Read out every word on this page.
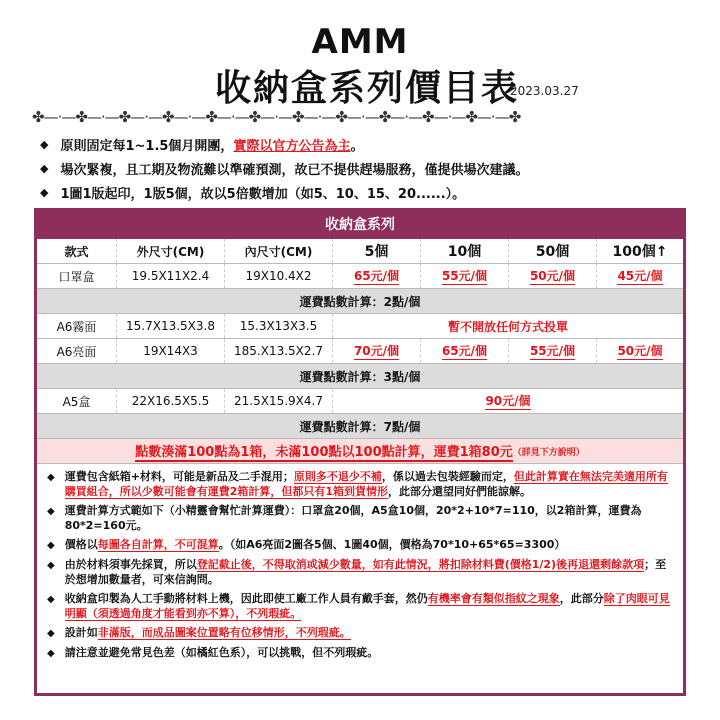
AMM
收納盒系列價目表
2023.03.27
✤—·—✤—·—✤—·—✤—·—✤—·—✤—·—✤—·—✤—·—✤—·—✤—·—✤—·—✤
◆ 原則固定每1~1.5個月開團， 實際以官方公告為主 。
◆ 場次緊複，且工期及物流難以準確預測，故已不提供趕場服務，僅提供場次建議。
◆ 1圖1版起印，1版5個，故以5倍數增加（如5、10、15、20......）。
收納盒系列
款式	外尺寸(CM)	內尺寸(CM)	5個	10個	50個	100個↑
口罩盒	19.5X11X2.4	19X10.4X2	65元/個	55元/個	50元/個	45元/個
運費點數計算：2點/個
A6霧面	15.7X13.5X3.8	15.3X13X3.5	暫不開放任何方式投單
A6亮面	19X14X3	185.X13.5X2.7	70元/個	65元/個	55元/個	50元/個
運費點數計算：3點/個
A5盒	22X16.5X5.5	21.5X15.9X4.7	90元/個
運費點數計算：7點/個
點數湊滿100點為1箱，未滿100點以100點計算，運費1箱80元 （詳見下方說明）
◆ 運費包含紙箱+材料，可能是新品及二手混用；原則多不退少不補，係以過去包裝經驗而定，但此計算實在無法完美適用所有購買組合，所以少數可能會有運費2箱計算，但都只有1箱到貨情形，此部分還望同好們能諒解。
◆ 運費計算方式範如下（小精靈會幫忙計算運費）：口罩盒20個，A5盒10個，20*2+10*7=110，以2箱計算，運費為80*2=160元。
◆ 價格以每圖各自計算，不可混算。（如A6亮面2圖各5個、1圖40個，價格為70*10+65*65=3300）
◆ 由於材料須事先採買，所以登記截止後，不得取消或減少數量，如有此情況，將扣除材料費(價格1/2)後再退還剩餘款項；至於想增加數量者，可來信詢問。
◆ 收納盒印製為人工手動將材料上機，因此即使工廠工作人員有戴手套，然仍有機率會有類似指紋之現象，此部分除了肉眼可見明顯（須透過角度才能看到亦不算），不列瑕疵。
◆ 設計如非滿版，而成品圖案位置略有位移情形，不列瑕疵。
◆ 請注意並避免常見色差（如橘紅色系），可以挑戰，但不列瑕疵。
